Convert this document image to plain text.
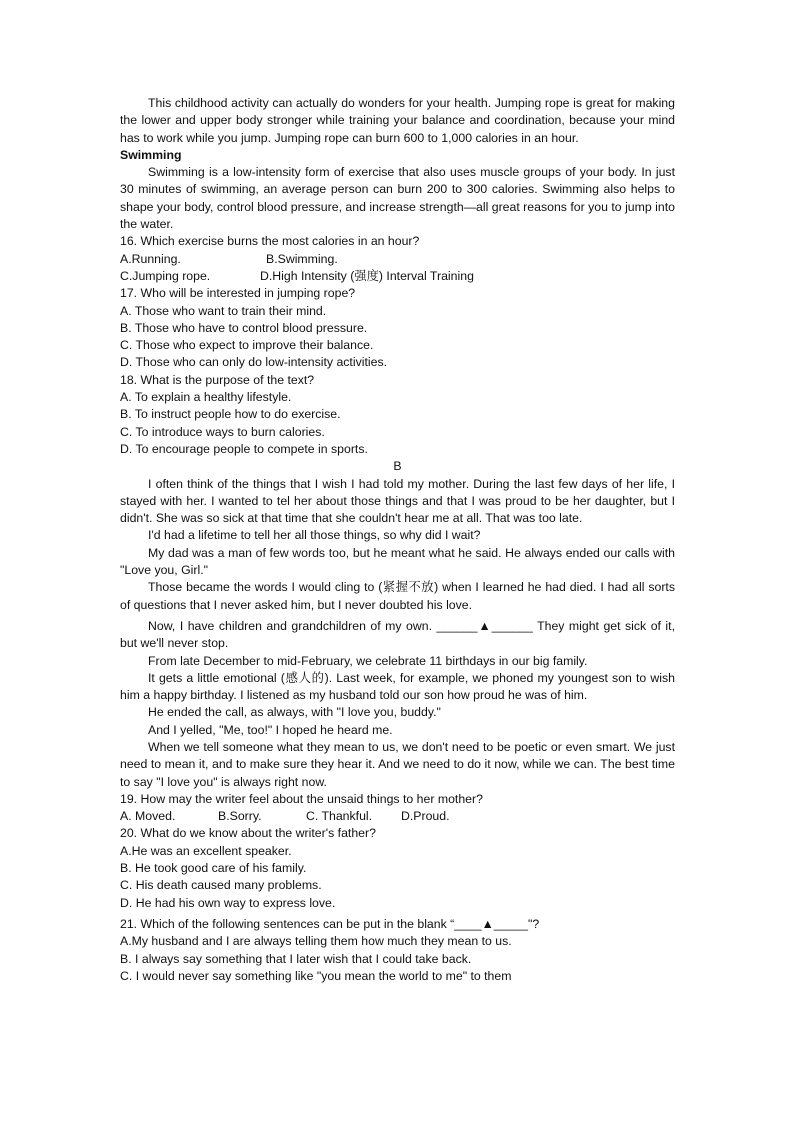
This childhood activity can actually do wonders for your health. Jumping rope is great for making the lower and upper body stronger while training your balance and coordination, because your mind has to work while you jump. Jumping rope can burn 600 to 1,000 calories in an hour.

Swimming

Swimming is a low-intensity form of exercise that also uses muscle groups of your body. In just 30 minutes of swimming, an average person can burn 200 to 300 calories. Swimming also helps to shape your body, control blood pressure, and increase strength—all great reasons for you to jump into the water.

16. Which exercise burns the most calories in an hour?

A.Running.	B.Swimming.

C.Jumping rope.	D.High Intensity (强度) Interval Training

17. Who will be interested in jumping rope?

A. Those who want to train their mind.

B. Those who have to control blood pressure.

C. Those who expect to improve their balance.

D. Those who can only do low-intensity activities.

18. What is the purpose of the text?

A. To explain a healthy lifestyle.

B. To instruct people how to do exercise.

C. To introduce ways to burn calories.

D. To encourage people to compete in sports.

B

I often think of the things that I wish I had told my mother. During the last few days of her life, I stayed with her. I wanted to tel her about those things and that I was proud to be her daughter, but I didn't. She was so sick at that time that she couldn't hear me at all. That was too late.

I'd had a lifetime to tell her all those things, so why did I wait?

My dad was a man of few words too, but he meant what he said. He always ended our calls with "Love you, Girl."

Those became the words I would cling to (紧握不放) when I learned he had died. I had all sorts of questions that I never asked him, but I never doubted his love.

Now, I have children and grandchildren of my own. ______▲______ They might get sick of it, but we'll never stop.

From late December to mid-February, we celebrate 11 birthdays in our big family.

It gets a little emotional (感人的). Last week, for example, we phoned my youngest son to wish him a happy birthday. I listened as my husband told our son how proud he was of him.

He ended the call, as always, with "I love you, buddy."

And I yelled, "Me, too!" I hoped he heard me.

When we tell someone what they mean to us, we don't need to be poetic or even smart. We just need to mean it, and to make sure they hear it. And we need to do it now, while we can. The best time to say "I love you" is always right now.

19. How may the writer feel about the unsaid things to her mother?

A. Moved.	B.Sorry.	C. Thankful. D.Proud.

20. What do we know about the writer's father?

A.He was an excellent speaker.

B. He took good care of his family.

C. His death caused many problems.

D. He had his own way to express love.

21. Which of the following sentences can be put in the blank “____▲_____"?

A.My husband and I are always telling them how much they mean to us.

B. I always say something that I later wish that I could take back.

C. I would never say something like "you mean the world to me" to them
